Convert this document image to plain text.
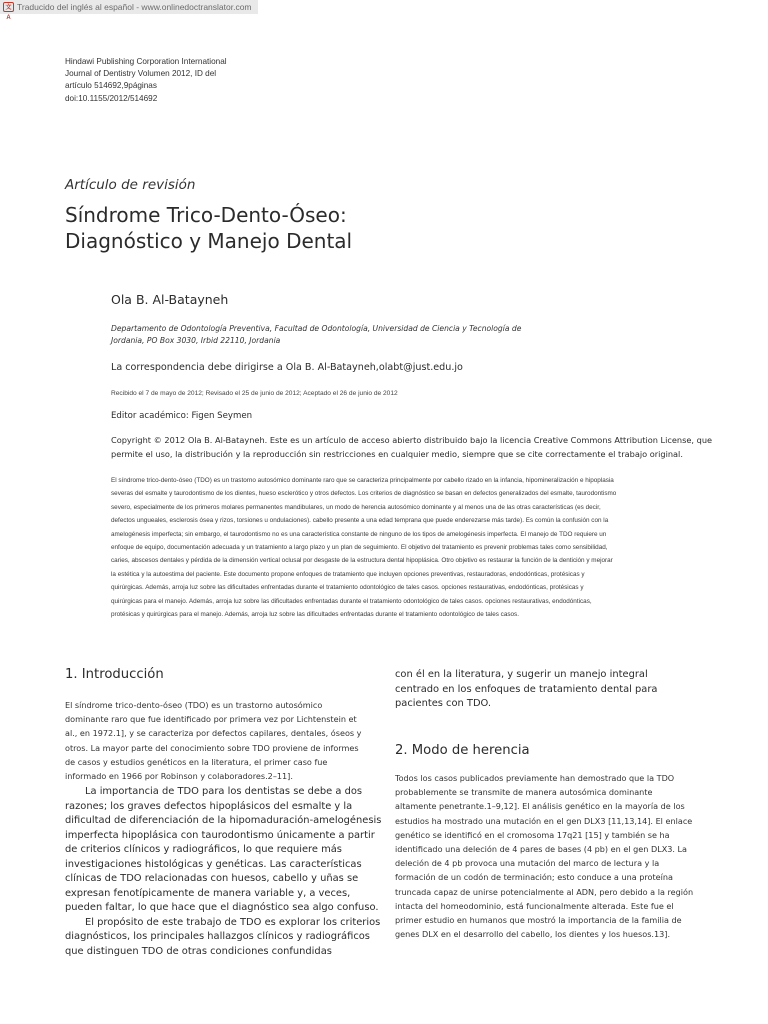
文A
Traducido del inglés al español - www.onlinedoctranslator.com
Hindawi Publishing Corporation International
Journal of Dentistry Volumen 2012, ID del
artículo 514692,9páginas
doi:10.1155/2012/514692
Artículo de revisión
Síndrome Trico-Dento-Óseo:
Diagnóstico y Manejo Dental
Ola B. Al-Batayneh
Departamento de Odontología Preventiva, Facultad de Odontología, Universidad de Ciencia y Tecnología de
Jordania, PO Box 3030, Irbid 22110, Jordania
La correspondencia debe dirigirse a Ola B. Al-Batayneh,olabt@just.edu.jo
Recibido el 7 de mayo de 2012; Revisado el 25 de junio de 2012; Aceptado el 26 de junio de 2012
Editor académico: Figen Seymen
Copyright © 2012 Ola B. Al-Batayneh. Este es un artículo de acceso abierto distribuido bajo la licencia Creative Commons Attribution License, que
permite el uso, la distribución y la reproducción sin restricciones en cualquier medio, siempre que se cite correctamente el trabajo original.
El síndrome trico-dento-óseo (TDO) es un trastorno autosómico dominante raro que se caracteriza principalmente por cabello rizado en la infancia, hipomineralización e hipoplasia
severas del esmalte y taurodontismo de los dientes, hueso esclerótico y otros defectos. Los criterios de diagnóstico se basan en defectos generalizados del esmalte, taurodontismo
severo, especialmente de los primeros molares permanentes mandibulares, un modo de herencia autosómico dominante y al menos una de las otras características (es decir,
defectos ungueales, esclerosis ósea y rizos, torsiones u ondulaciones). cabello presente a una edad temprana que puede enderezarse más tarde). Es común la confusión con la
amelogénesis imperfecta; sin embargo, el taurodontismo no es una característica constante de ninguno de los tipos de amelogénesis imperfecta. El manejo de TDO requiere un
enfoque de equipo, documentación adecuada y un tratamiento a largo plazo y un plan de seguimiento. El objetivo del tratamiento es prevenir problemas tales como sensibilidad,
caries, abscesos dentales y pérdida de la dimensión vertical oclusal por desgaste de la estructura dental hipoplásica. Otro objetivo es restaurar la función de la dentición y mejorar
la estética y la autoestima del paciente. Este documento propone enfoques de tratamiento que incluyen opciones preventivas, restauradoras, endodónticas, protésicas y
quirúrgicas. Además, arroja luz sobre las dificultades enfrentadas durante el tratamiento odontológico de tales casos. opciones restaurativas, endodónticas, protésicas y
quirúrgicas para el manejo. Además, arroja luz sobre las dificultades enfrentadas durante el tratamiento odontológico de tales casos. opciones restaurativas, endodónticas,
protésicas y quirúrgicas para el manejo. Además, arroja luz sobre las dificultades enfrentadas durante el tratamiento odontológico de tales casos.
1. Introducción
El síndrome trico-dento-óseo (TDO) es un trastorno autosómico
dominante raro que fue identificado por primera vez por Lichtenstein et
al., en 1972.1], y se caracteriza por defectos capilares, dentales, óseos y
otros. La mayor parte del conocimiento sobre TDO proviene de informes
de casos y estudios genéticos en la literatura, el primer caso fue
informado en 1966 por Robinson y colaboradores.2–11].
La importancia de TDO para los dentistas se debe a dos
razones; los graves defectos hipoplásicos del esmalte y la
dificultad de diferenciación de la hipomaduración-amelogénesis
imperfecta hipoplásica con taurodontismo únicamente a partir
de criterios clínicos y radiográficos, lo que requiere más
investigaciones histológicas y genéticas. Las características
clínicas de TDO relacionadas con huesos, cabello y uñas se
expresan fenotípicamente de manera variable y, a veces,
pueden faltar, lo que hace que el diagnóstico sea algo confuso.
El propósito de este trabajo de TDO es explorar los criterios
diagnósticos, los principales hallazgos clínicos y radiográficos
que distinguen TDO de otras condiciones confundidas
con él en la literatura, y sugerir un manejo integral
centrado en los enfoques de tratamiento dental para
pacientes con TDO.
2. Modo de herencia
Todos los casos publicados previamente han demostrado que la TDO
probablemente se transmite de manera autosómica dominante
altamente penetrante.1–9,12]. El análisis genético en la mayoría de los
estudios ha mostrado una mutación en el gen DLX3 [11,13,14]. El enlace
genético se identificó en el cromosoma 17q21 [15] y también se ha
identificado una deleción de 4 pares de bases (4 pb) en el gen DLX3. La
deleción de 4 pb provoca una mutación del marco de lectura y la
formación de un codón de terminación; esto conduce a una proteína
truncada capaz de unirse potencialmente al ADN, pero debido a la región
intacta del homeodominio, está funcionalmente alterada. Este fue el
primer estudio en humanos que mostró la importancia de la familia de
genes DLX en el desarrollo del cabello, los dientes y los huesos.13].
